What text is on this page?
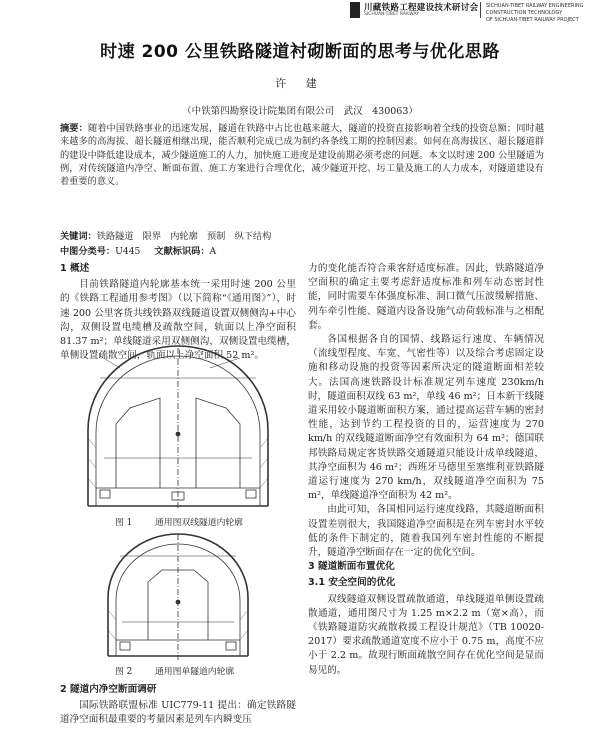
川藏铁路工程建设技术研讨会
SICHUAN-TIBET RAILWAY
SICHUAN-TIBET RAILWAY ENGINEERING
CONSTRUCTION TECHNOLOGY
OF SICHUAN-TIBET RAILWAY PROJECT
时速 200 公里铁路隧道衬砌断面的思考与优化思路
许 建
（中铁第四勘察设计院集团有限公司　武汉　430063）
摘要：随着中国铁路事业的迅速发展，隧道在铁路中占比也越来越大，隧道的投资直接影响着全线的投资总额；同时越来越多的高海拔、超长隧道相继出现，能否顺利完成已成为制约各条线工期的控制因素。如何在高海拔区、超长隧道群的建设中降低建设成本，减少隧道施工的人力，加快施工进度是建设前期必须考虑的问题。本文以时速 200 公里隧道为例，对传统隧道内净空、断面布置、施工方案进行合理优化，减少隧道开挖、圬工量及施工的人力成本，对隧道建设有着重要的意义。
关键词：铁路隧道　限界　内轮廓　预制　纵下结构
中图分类号：U445 文献标识码：A
1 概述

目前铁路隧道内轮廓基本统一采用时速 200 公里 的《铁路工程通用参考图》（以下简称“《通用图》”），时速 200 公里客货共线铁路双线隧道设置双侧侧沟+中心沟，双侧设置电缆槽及疏散空间，轨面以上净空面积 81.37 m²；单线隧道采用双侧侧沟，双侧设置电缆槽，单侧设置疏散空间，轨面以上净空面积 52 m²。

图 1	通用图双线隧道内轮廓
图 2	通用图单隧道内轮廓
2 隧道内净空断面调研

国际铁路联盟标准 UIC779-11 提出：确定铁路隧道净空面积最重要的考量因素是列车内瞬变压

力的变化能否符合乘客舒适度标准。因此，铁路隧道净空面积的确定主要考虑舒适度标准和列车动态密封性能，同时需要车体强度标准、洞口微气压波缓解措施、列车牵引性能、隧道内设备设施气动荷载标准与之相配套。

各国根据各自的国情、线路运行速度、车辆情况（流线型程度、车宽、气密性等）以及综合考虑固定设施和移动设施的投资等因素所决定的隧道断面相差较大。法国高速铁路设计标准规定列车速度 230km/h 时，隧道面积双线 63 m²，单线 46 m²；日本新干线隧道采用较小隧道断面积方案，通过提高运营车辆的密封性能，达到节约工程投资的目的，运营速度为 270 km/h 的双线隧道断面净空有效面积为 64 m²；德国联邦铁路局规定客货铁路交通隧道只能设计成单线隧道，其净空面积为 46 m²；西班牙马德里至塞维利亚铁路隧道运行速度为 270 km/h，双线隧道净空面积为 75 m²，单线隧道净空面积为 42 m²。

由此可知，各国相同运行速度线路，其隧道断面积设置差别很大，我国隧道净空面积是在列车密封水平较低的条件下制定的，随着我国列车密封性能的不断提升，隧道净空断面存在一定的优化空间。

3 隧道断面布置优化
3.1 安全空间的优化

双线隧道双侧设置疏散通道，单线隧道单侧设置疏散通道，通用图尺寸为 1.25 m×2.2 m（宽×高），而《铁路隧道防灾疏散救援工程设计规范》（TB 10020-2017）要求疏散通道宽度不应小于 0.75 m，高度不应小于 2.2 m。故现行断面疏散空间存在优化空间是显而易见的。
